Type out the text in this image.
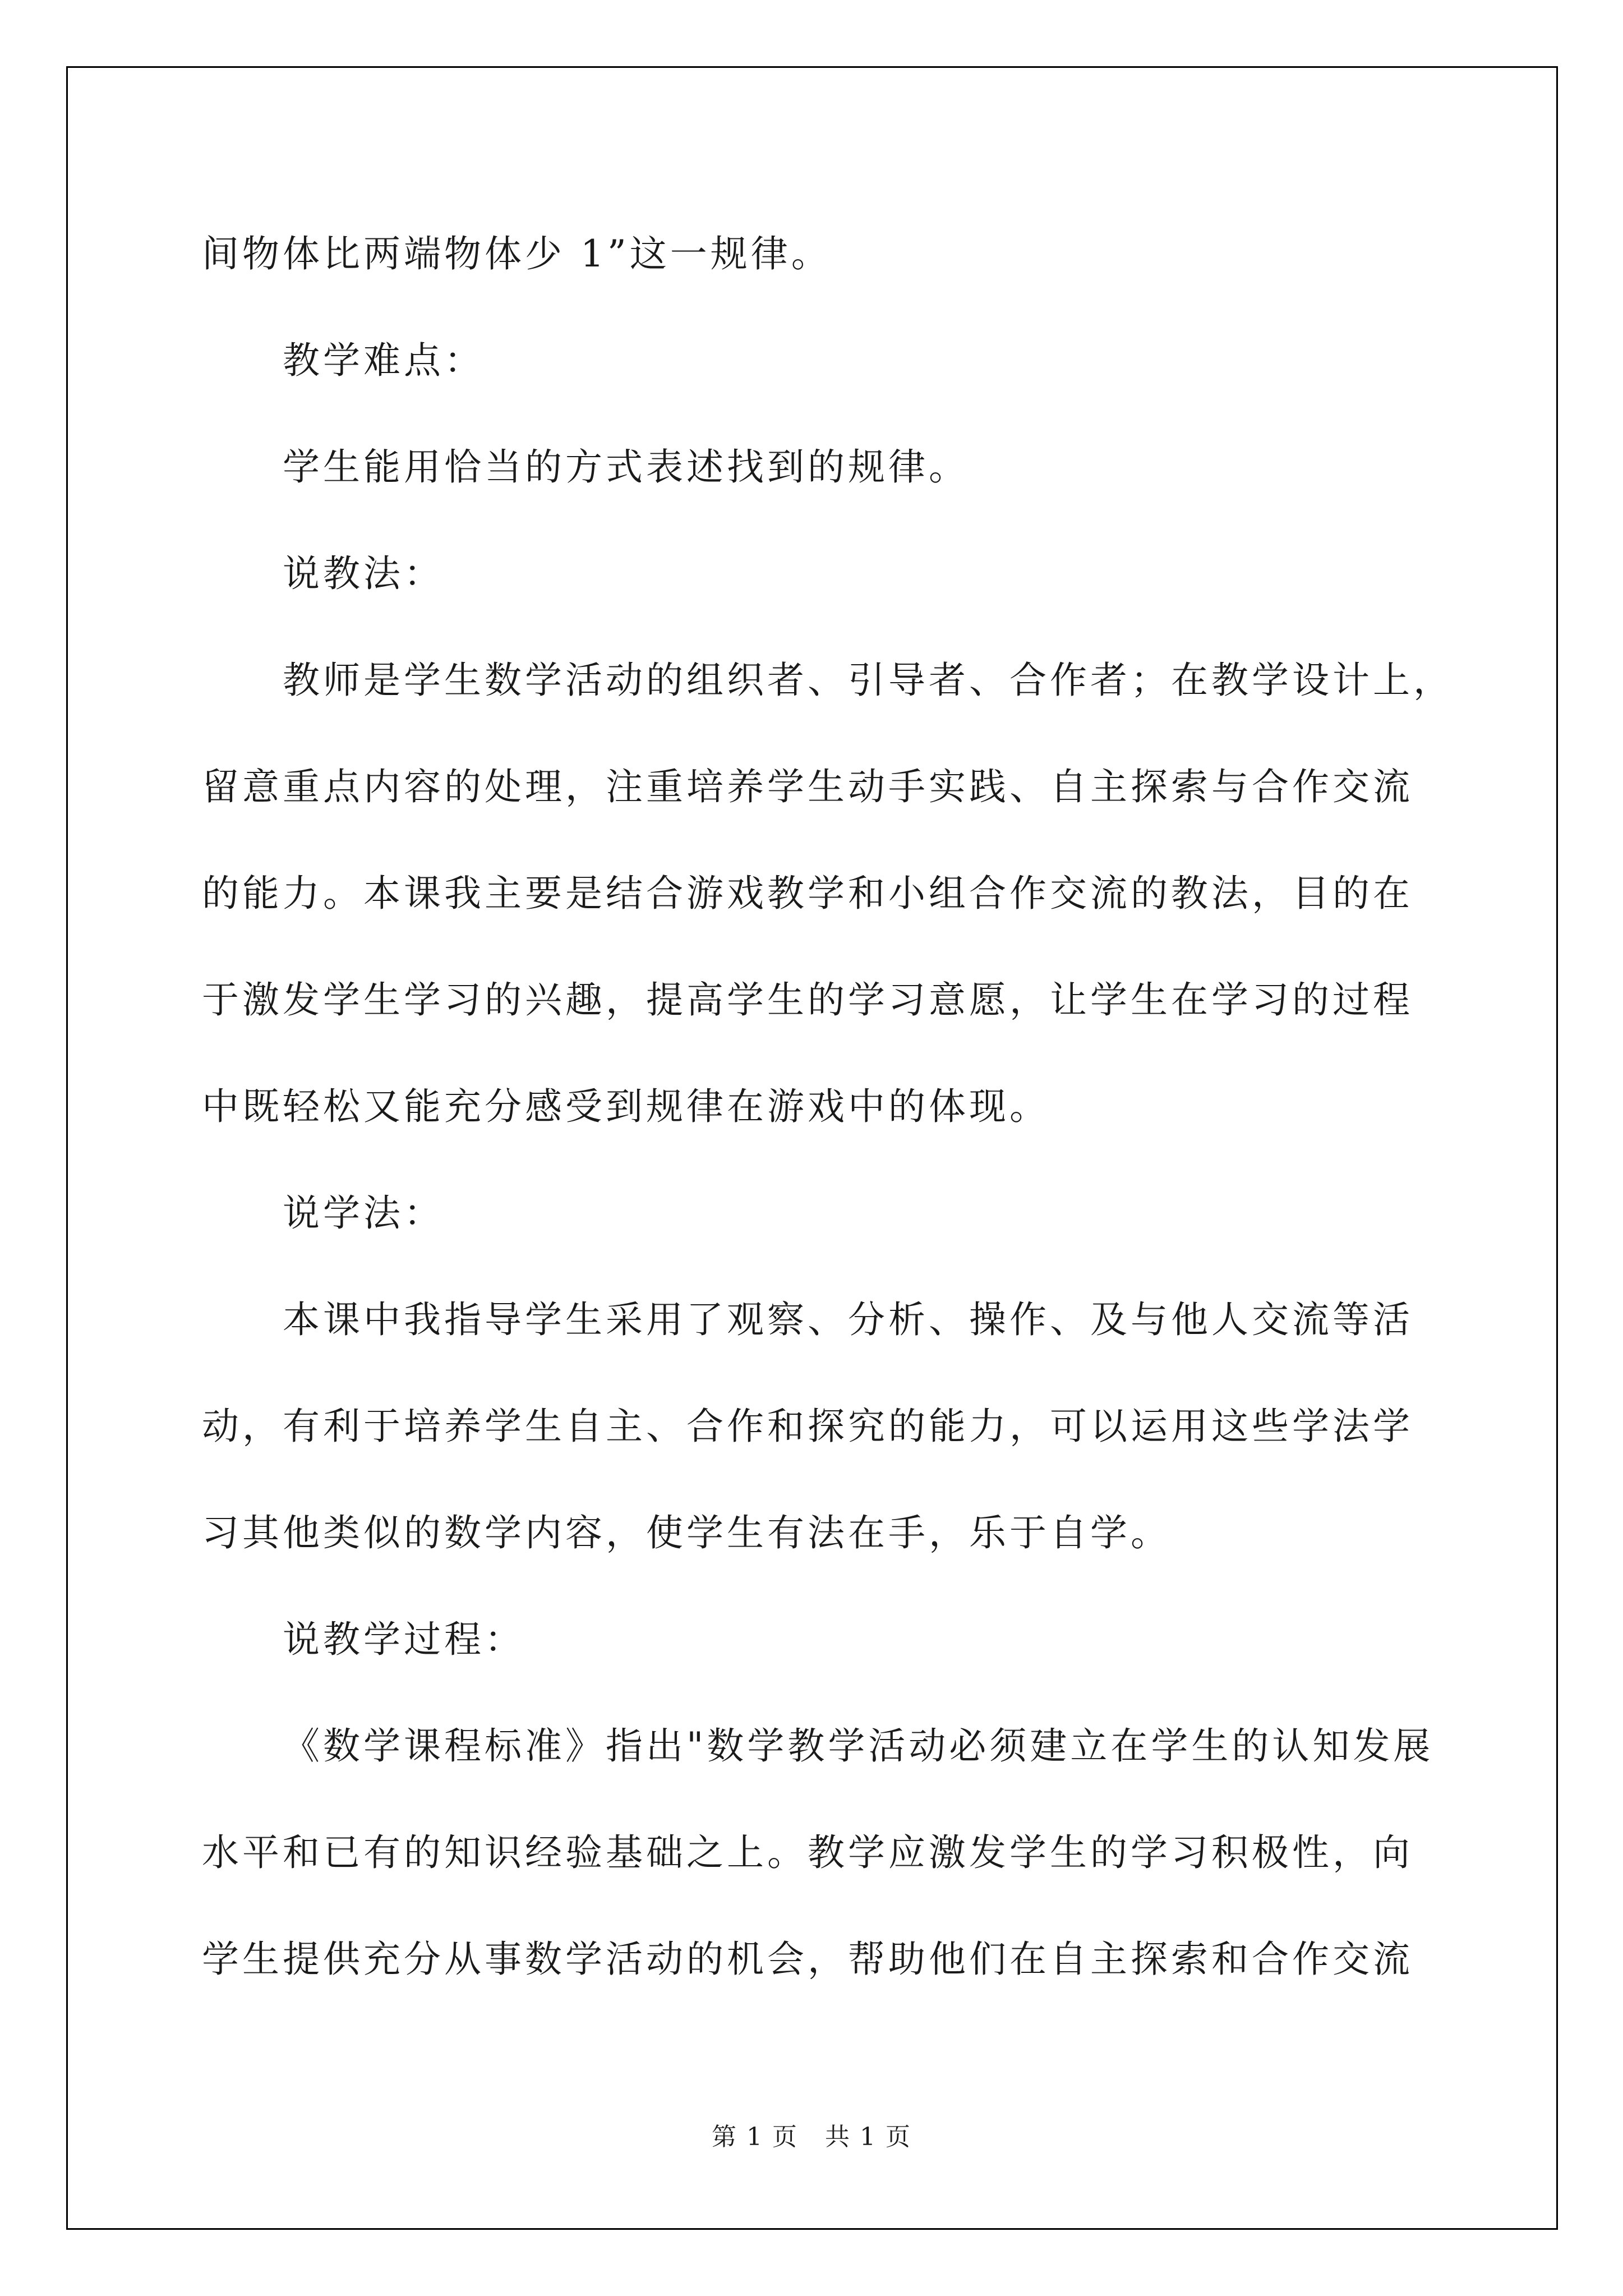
间物体比两端物体少 1”这一规律。
教学难点：
学生能用恰当的方式表述找到的规律。
说教法：
教师是学生数学活动的组织者、引导者、合作者；在教学设计上，
留意重点内容的处理，注重培养学生动手实践、自主探索与合作交流
的能力。本课我主要是结合游戏教学和小组合作交流的教法，目的在
于激发学生学习的兴趣，提高学生的学习意愿，让学生在学习的过程
中既轻松又能充分感受到规律在游戏中的体现。
说学法：
本课中我指导学生采用了观察、分析、操作、及与他人交流等活
动，有利于培养学生自主、合作和探究的能力，可以运用这些学法学
习其他类似的数学内容，使学生有法在手，乐于自学。
说教学过程：
《数学课程标准》指出"数学教学活动必须建立在学生的认知发展
水平和已有的知识经验基础之上。教学应激发学生的学习积极性，向
学生提供充分从事数学活动的机会，帮助他们在自主探索和合作交流
第 1 页 共 1 页
